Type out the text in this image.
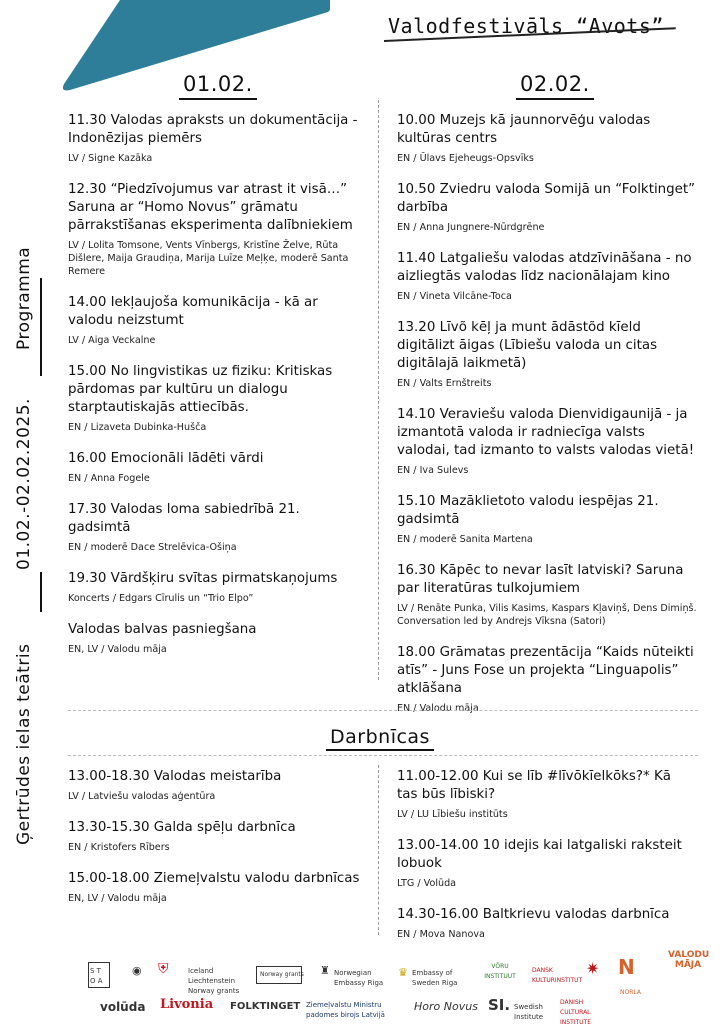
Valodfestivāls “Avots”
Programma
01.02.-02.02.2025.
Ģertrūdes ielas teātris
01.02.	02.02.
11.30 Valodas apraksts un dokumentācija - Indonēzijas piemērs
LV / Signe Kazāka
12.30 “Piedzīvojumus var atrast it visā…” Saruna ar “Homo Novus” grāmatu pārrakstīšanas eksperimenta dalībniekiem
LV / Lolita Tomsone, Vents Vīnbergs, Kristīne Želve, Rūta Dišlere, Maija Graudiņa, Marija Luīze Meļķe, moderē Santa Remere
14.00 Iekļaujoša komunikācija - kā ar valodu neizstumt
LV / Aiga Veckalne
15.00 No lingvistikas uz fiziku: Kritiskas pārdomas par kultūru un dialogu starptautiskajās attiecībās.
EN / Lizaveta Dubinka-Hušča
16.00 Emocionāli lādēti vārdi
EN / Anna Fogele
17.30 Valodas loma sabiedrībā 21. gadsimtā
EN / moderē Dace Strelēvica-Ošiņa
19.30 Vārdšķiru svītas pirmatskaņojums
Koncerts / Edgars Cīrulis un “Trio Elpo”
Valodas balvas pasniegšana
EN, LV / Valodu māja
10.00 Muzejs kā jaunnorvēģu valodas kultūras centrs
EN / Ūlavs Ejeheugs-Opsvīks
10.50 Zviedru valoda Somijā un “Folktinget” darbība
EN / Anna Jungnere-Nūrdgrēne
11.40 Latgaliešu valodas atdzīvināšana - no aizliegtās valodas līdz nacionālajam kino
EN / Vineta Vilcāne-Toca
13.20 Līvõ kēļ ja munt ādāstõd kīeld digitālizt āigas (Lībiešu valoda un citas digitālajā laikmetā)
EN / Valts Ernštreits
14.10 Veraviešu valoda Dienvidigaunijā - ja izmantotā valoda ir radniecīga valsts valodai, tad izmanto to valsts valodas vietā!
EN / Iva Sulevs
15.10 Mazāklietoto valodu iespējas 21. gadsimtā
EN / moderē Sanita Martena
16.30 Kāpēc to nevar lasīt latviski? Saruna par literatūras tulkojumiem
LV / Renāte Punka, Vilis Kasims, Kaspars Kļaviņš, Dens Dimiņš. Conversation led by Andrejs Vīksna (Satori)
18.00 Grāmatas prezentācija “Kaids nūteikti atīs” - Juns Fose un projekta “Linguapolis” atklāšana
EN / Valodu māja
Darbnīcas
13.00-18.30 Valodas meistarība
LV / Latviešu valodas aģentūra
13.30-15.30 Galda spēļu darbnīca
EN / Kristofers Rībers
15.00-18.00 Ziemeļvalstu valodu darbnīcas
EN, LV / Valodu māja
11.00-12.00 Kui se līb #līvōkīelkōks?* Kā tas būs lībiski?
LV / LU Lībiešu institūts
13.00-14.00 10 idejis kai latgaliski raksteit lobuok
LTG / Volūda
14.30-16.00 Baltkrievu valodas darbnīca
EN / Mova Nanova
S T O A
◉ ⛨	Iceland Liechtenstein Norway grants
Norway grants ♜ Norwegian Embassy Riga
♛ Embassy of Sweden Riga
VÕRU INSTITUUT
DANSK KULTURINSTITUT
✷ N	VALODU MĀJA
volūda Livonia FOLKTINGET Ziemeļvalstu Ministru padomes birojs Latvijā
Horo Novus SI. Swedish Institute
DANISH CULTURAL INSTITUTE
NORLA
